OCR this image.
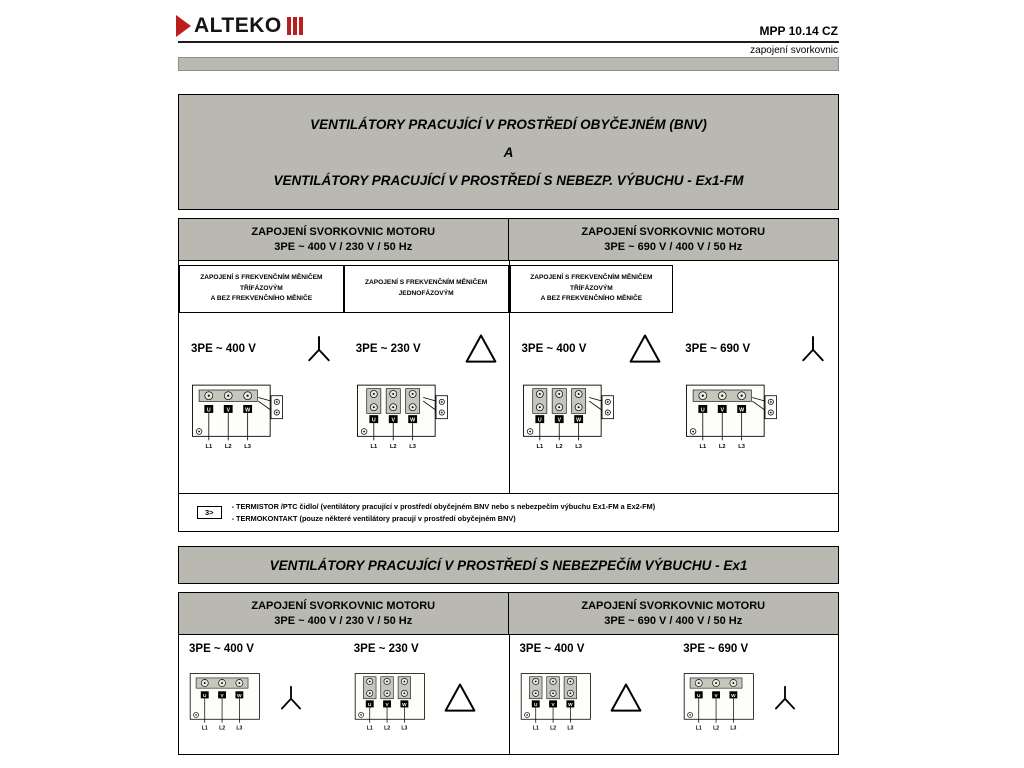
ALTEKO	MPP 10.14 CZ
zapojení svorkovnic
VENTILÁTORY PRACUJÍCÍ V PROSTŘEDÍ OBYČEJNÉM (BNV)
A
VENTILÁTORY PRACUJÍCÍ V PROSTŘEDÍ S NEBEZP. VÝBUCHU - Ex1-FM
ZAPOJENÍ SVORKOVNIC MOTORU
3PE ~ 400 V / 230 V / 50 Hz
ZAPOJENÍ SVORKOVNIC MOTORU
3PE ~ 690 V / 400 V / 50 Hz
ZAPOJENÍ S FREKVENČNÍM MĚNIČEM
TŘÍFÁZOVÝM
A BEZ FREKVENČNÍHO MĚNIČE
3PE ~ 400 V
ZAPOJENÍ S FREKVENČNÍM MĚNIČEM
JEDNOFÁZOVÝM
3PE ~ 230 V
ZAPOJENÍ S FREKVENČNÍM MĚNIČEM
TŘÍFÁZOVÝM
A BEZ FREKVENČNÍHO MĚNIČE
3PE ~ 400 V	3PE ~ 690 V
3>
- TERMISTOR /PTC čidlo/ (ventilátory pracující v prostředí obyčejném BNV nebo s nebezpečím výbuchu Ex1-FM a Ex2-FM)
- TERMOKONTAKT (pouze některé ventilátory pracují v prostředí obyčejném BNV)
VENTILÁTORY PRACUJÍCÍ V PROSTŘEDÍ S NEBEZPEČÍM VÝBUCHU - Ex1
ZAPOJENÍ SVORKOVNIC MOTORU
3PE ~ 400 V / 230 V / 50 Hz
ZAPOJENÍ SVORKOVNIC MOTORU
3PE ~ 690 V / 400 V / 50 Hz
3PE ~ 400 V	3PE ~ 230 V	3PE ~ 400 V	3PE ~ 690 V
